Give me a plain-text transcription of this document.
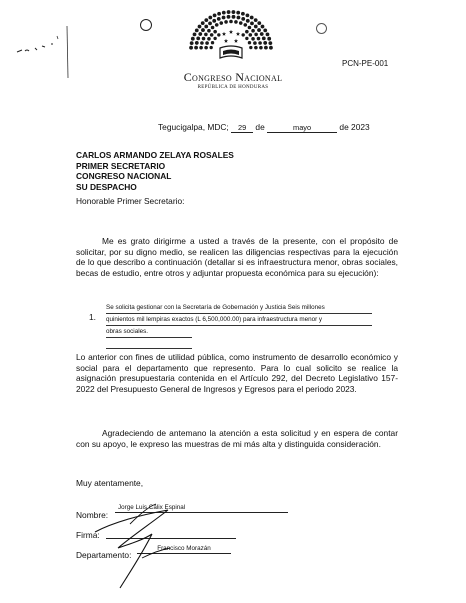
Congreso Nacional
REPÚBLICA DE HONDURAS
PCN-PE-001
Tegucigalpa, MDC; 29 de	mayo	de 2023
CARLOS ARMANDO ZELAYA ROSALES
PRIMER SECRETARIO
CONGRESO NACIONAL
SU DESPACHO
Honorable Primer Secretario:
Me es grato dirigirme a usted a través de la presente, con el propósito de solicitar, por su digno medio, se realicen las diligencias respectivas para la ejecución de lo que describo a continuación (detallar si es infraestructura menor, obras sociales, becas de estudio, entre otros y adjuntar propuesta económica para su ejecución):
1.
Se solicita gestionar con la Secretaría de Gobernación y Justicia Seis millones
quinientos mil lempiras exactos (L 6,500,000.00) para infraestructura menor y
obras sociales.
Lo anterior con fines de utilidad pública, como instrumento de desarrollo económico y social para el departamento que represento. Para lo cual solicito se realice la asignación presupuestaria contenida en el Artículo 292, del Decreto Legislativo 157-2022 del Presupuesto General de Ingresos y Egresos para el periodo 2023.
Agradeciendo de antemano la atención a esta solicitud y en espera de contar con su apoyo, le expreso las muestras de mi más alta y distinguida consideración.
Muy atentamente,
Nombre:
Jorge Luis Cálix Espinal
Firma:
Departamento:
Francisco Morazán
